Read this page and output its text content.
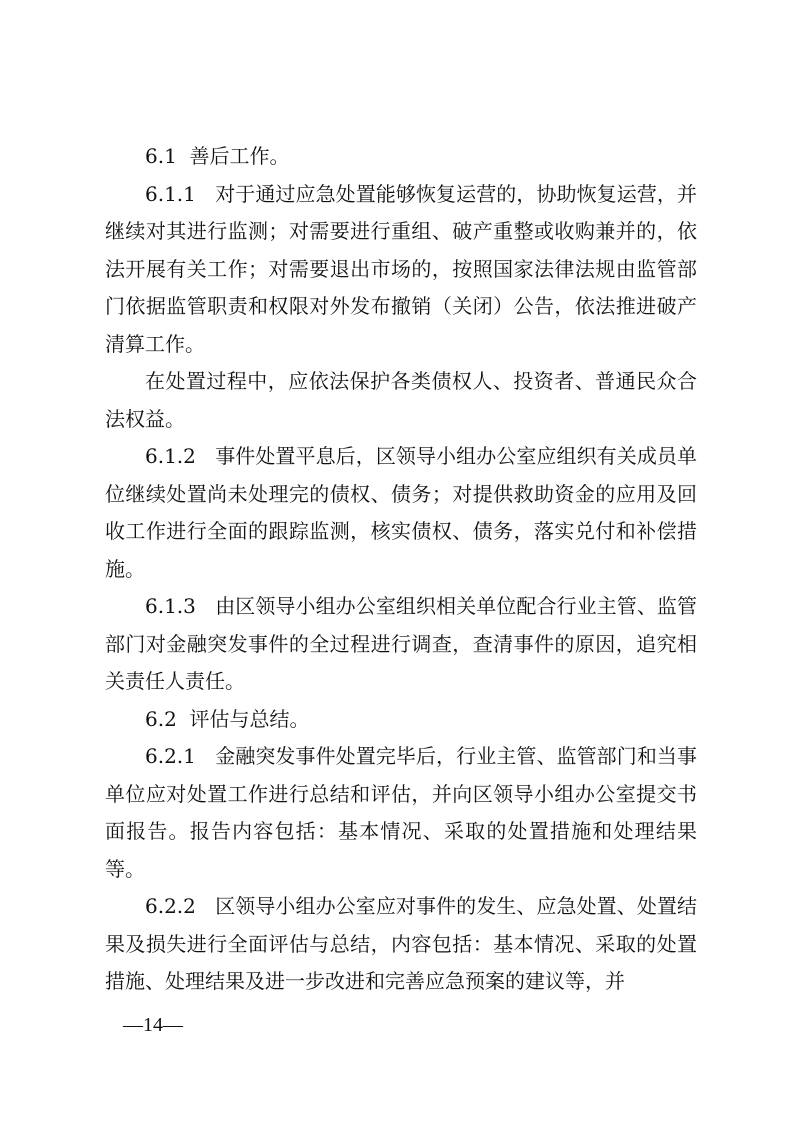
6.1  善后工作。

6.1.1   对于通过应急处置能够恢复运营的，协助恢复运营，并继续对其进行监测；对需要进行重组、破产重整或收购兼并的，依法开展有关工作；对需要退出市场的，按照国家法律法规由监管部门依据监管职责和权限对外发布撤销（关闭）公告，依法推进破产清算工作。

在处置过程中，应依法保护各类债权人、投资者、普通民众合法权益。

6.1.2   事件处置平息后，区领导小组办公室应组织有关成员单位继续处置尚未处理完的债权、债务；对提供救助资金的应用及回收工作进行全面的跟踪监测，核实债权、债务，落实兑付和补偿措施。

6.1.3   由区领导小组办公室组织相关单位配合行业主管、监管部门对金融突发事件的全过程进行调查，查清事件的原因，追究相关责任人责任。

6.2  评估与总结。

6.2.1   金融突发事件处置完毕后，行业主管、监管部门和当事单位应对处置工作进行总结和评估，并向区领导小组办公室提交书面报告。报告内容包括：基本情况、采取的处置措施和处理结果等。

6.2.2   区领导小组办公室应对事件的发生、应急处置、处置结果及损失进行全面评估与总结，内容包括：基本情况、采取的处置措施、处理结果及进一步改进和完善应急预案的建议等，并

—14—
